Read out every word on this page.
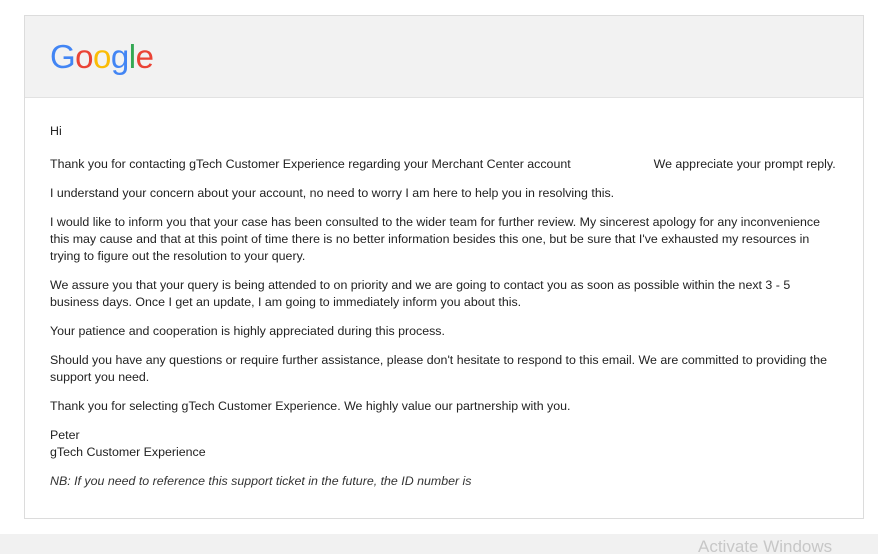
Google

Hi

Thank you for contacting gTech Customer Experience regarding your Merchant Center account	We appreciate your prompt reply.

I understand your concern about your account, no need to worry I am here to help you in resolving this.

I would like to inform you that your case has been consulted to the wider team for further review. My sincerest apology for any inconvenience this may cause and that at this point of time there is no better information besides this one, but be sure that I've exhausted my resources in trying to figure out the resolution to your query.

We assure you that your query is being attended to on priority and we are going to contact you as soon as possible within the next 3 - 5 business days. Once I get an update, I am going to immediately inform you about this.

Your patience and cooperation is highly appreciated during this process.

Should you have any questions or require further assistance, please don't hesitate to respond to this email. We are committed to providing the support you need.

Thank you for selecting gTech Customer Experience. We highly value our partnership with you.

Peter
gTech Customer Experience

NB: If you need to reference this support ticket in the future, the ID number is

Activate Windows
